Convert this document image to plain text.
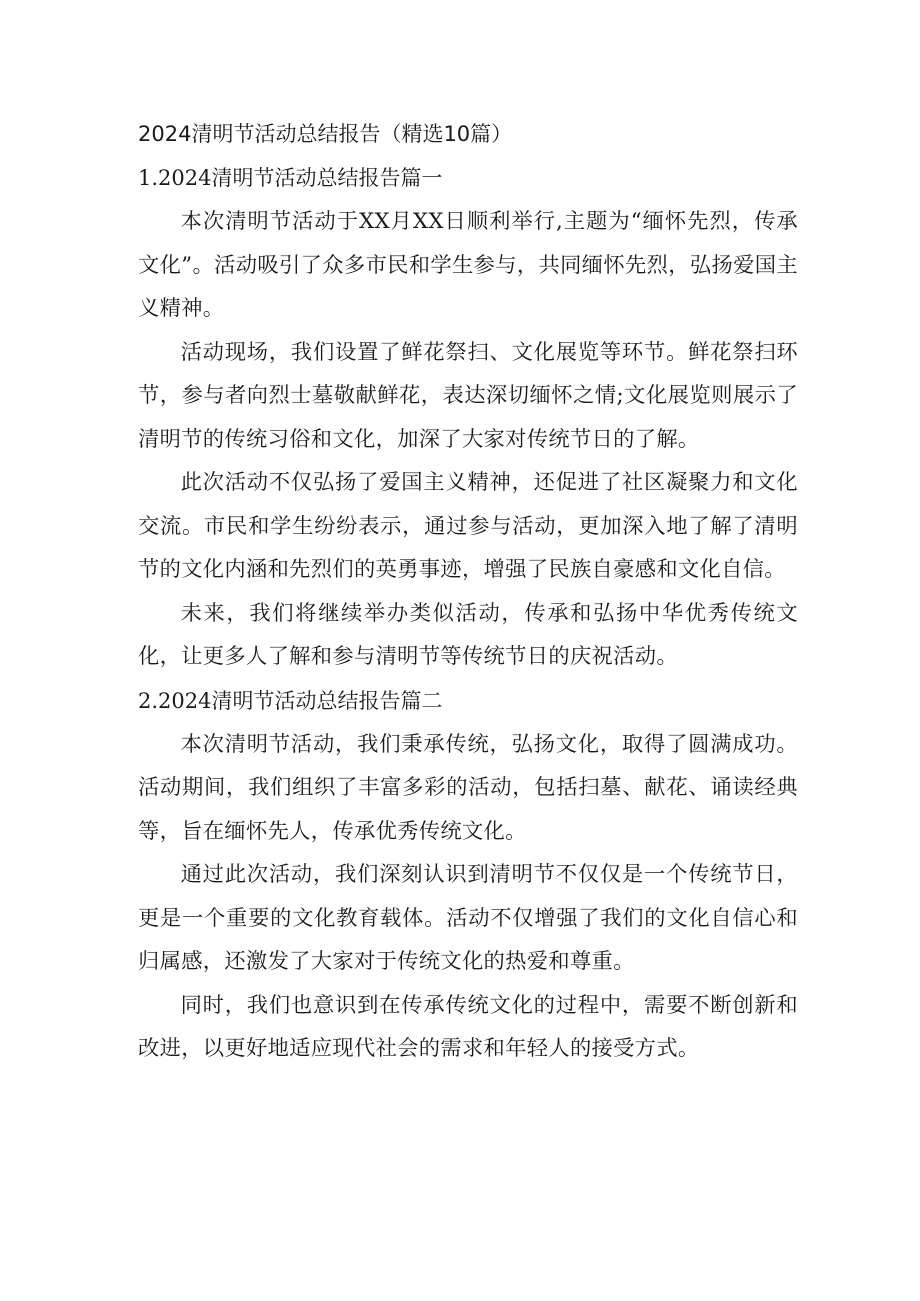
2024清明节活动总结报告（精选10篇）
1.2024清明节活动总结报告篇一

本次清明节活动于XX月XX日顺利举行,主题为“缅怀先烈，传承文化”。活动吸引了众多市民和学生参与，共同缅怀先烈，弘扬爱国主义精神。

活动现场，我们设置了鲜花祭扫、文化展览等环节。鲜花祭扫环节，参与者向烈士墓敬献鲜花，表达深切缅怀之情;文化展览则展示了清明节的传统习俗和文化，加深了大家对传统节日的了解。

此次活动不仅弘扬了爱国主义精神，还促进了社区凝聚力和文化交流。市民和学生纷纷表示，通过参与活动，更加深入地了解了清明节的文化内涵和先烈们的英勇事迹，增强了民族自豪感和文化自信。

未来，我们将继续举办类似活动，传承和弘扬中华优秀传统文化，让更多人了解和参与清明节等传统节日的庆祝活动。

2.2024清明节活动总结报告篇二

本次清明节活动，我们秉承传统，弘扬文化，取得了圆满成功。活动期间，我们组织了丰富多彩的活动，包括扫墓、献花、诵读经典等，旨在缅怀先人，传承优秀传统文化。

通过此次活动，我们深刻认识到清明节不仅仅是一个传统节日，更是一个重要的文化教育载体。活动不仅增强了我们的文化自信心和归属感，还激发了大家对于传统文化的热爱和尊重。

同时，我们也意识到在传承传统文化的过程中，需要不断创新和改进，以更好地适应现代社会的需求和年轻人的接受方式。
